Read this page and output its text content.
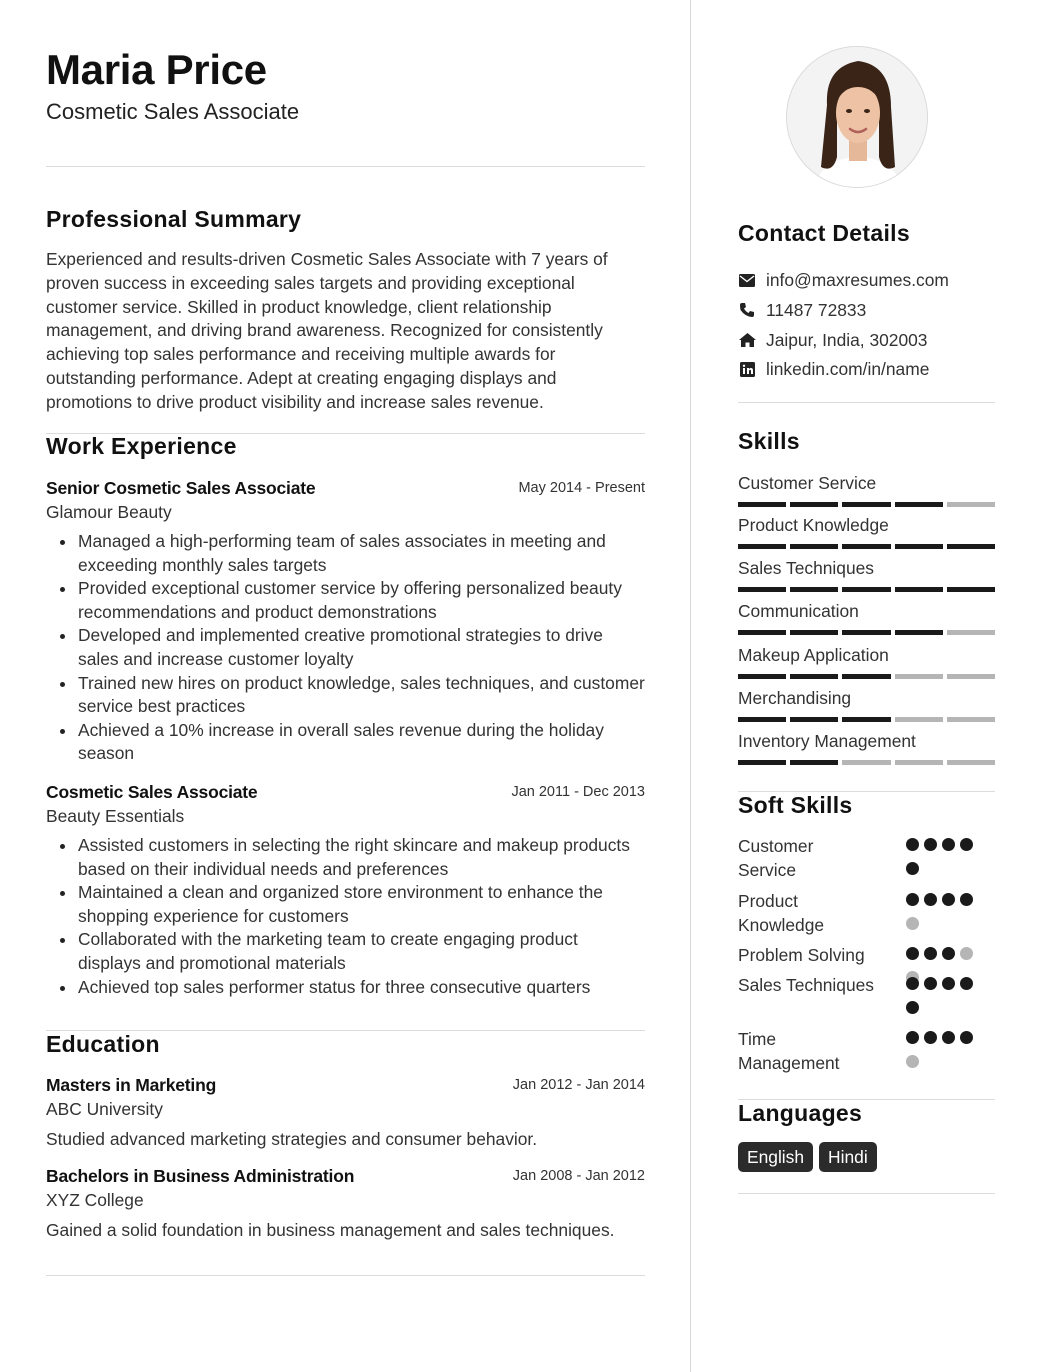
Maria Price
Cosmetic Sales Associate
Professional Summary
Experienced and results-driven Cosmetic Sales Associate with 7 years of proven success in exceeding sales targets and providing exceptional customer service. Skilled in product knowledge, client relationship management, and driving brand awareness. Recognized for consistently achieving top sales performance and receiving multiple awards for outstanding performance. Adept at creating engaging displays and promotions to drive product visibility and increase sales revenue.
Work Experience
Senior Cosmetic Sales Associate	May 2014 - Present
Glamour Beauty
Managed a high-performing team of sales associates in meeting and exceeding monthly sales targets
Provided exceptional customer service by offering personalized beauty recommendations and product demonstrations
Developed and implemented creative promotional strategies to drive sales and increase customer loyalty
Trained new hires on product knowledge, sales techniques, and customer service best practices
Achieved a 10% increase in overall sales revenue during the holiday season
Cosmetic Sales Associate	Jan 2011 - Dec 2013
Beauty Essentials
Assisted customers in selecting the right skincare and makeup products based on their individual needs and preferences
Maintained a clean and organized store environment to enhance the shopping experience for customers
Collaborated with the marketing team to create engaging product displays and promotional materials
Achieved top sales performer status for three consecutive quarters
Education
Masters in Marketing	Jan 2012 - Jan 2014
ABC University
Studied advanced marketing strategies and consumer behavior.
Bachelors in Business Administration	Jan 2008 - Jan 2012
XYZ College
Gained a solid foundation in business management and sales techniques.
Contact Details
info@maxresumes.com
11487 72833
Jaipur, India, 302003
linkedin.com/in/name
Skills
Customer Service
Product Knowledge
Sales Techniques
Communication
Makeup Application
Merchandising
Inventory Management
Soft Skills
Customer Service
Product Knowledge
Problem Solving
Sales Techniques
Time Management
Languages
English	Hindi
